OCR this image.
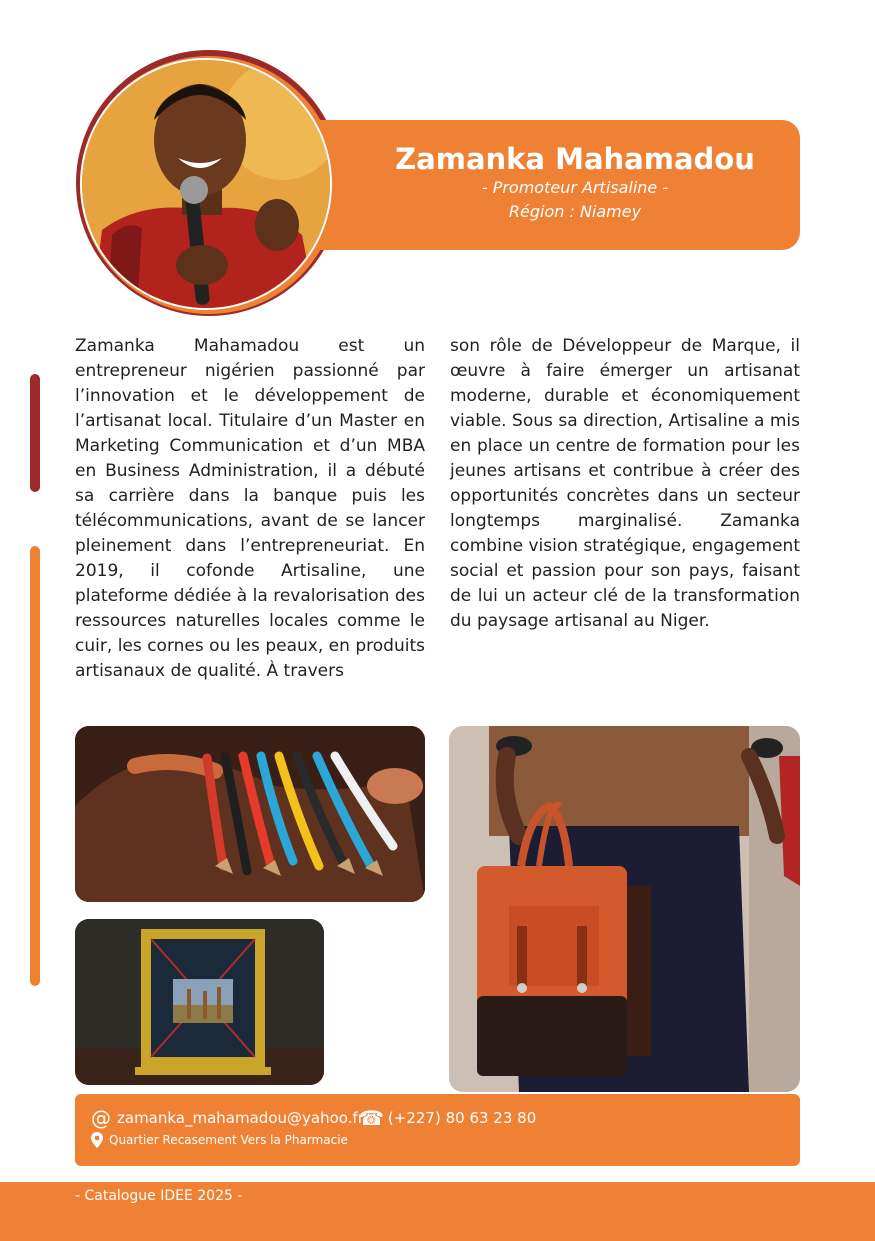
Zamanka Mahamadou
- Promoteur Artisaline -
Région : Niamey
Zamanka Mahamadou est un entrepreneur nigérien passionné par l’innovation et le développement de l’artisanat local. Titulaire d’un Master en Marketing Communication et d’un MBA en Business Administration, il a débuté sa carrière dans la banque puis les télécommunications, avant de se lancer pleinement dans l’entrepreneuriat. En 2019, il cofonde Artisaline, une plateforme dédiée à la revalorisation des ressources naturelles locales comme le cuir, les cornes ou les peaux, en produits artisanaux de qualité. À travers
son rôle de Développeur de Marque, il œuvre à faire émerger un artisanat moderne, durable et économiquement viable. Sous sa direction, Artisaline a mis en place un centre de formation pour les jeunes artisans et contribue à créer des opportunités concrètes dans un secteur longtemps marginalisé. Zamanka combine vision stratégique, engagement social et passion pour son pays, faisant de lui un acteur clé de la transformation du paysage artisanal au Niger.
@ zamanka_mahamadou@yahoo.fr
☎ (+227) 80 63 23 80
Quartier Recasement Vers la Pharmacie
- Catalogue IDEE 2025 -
